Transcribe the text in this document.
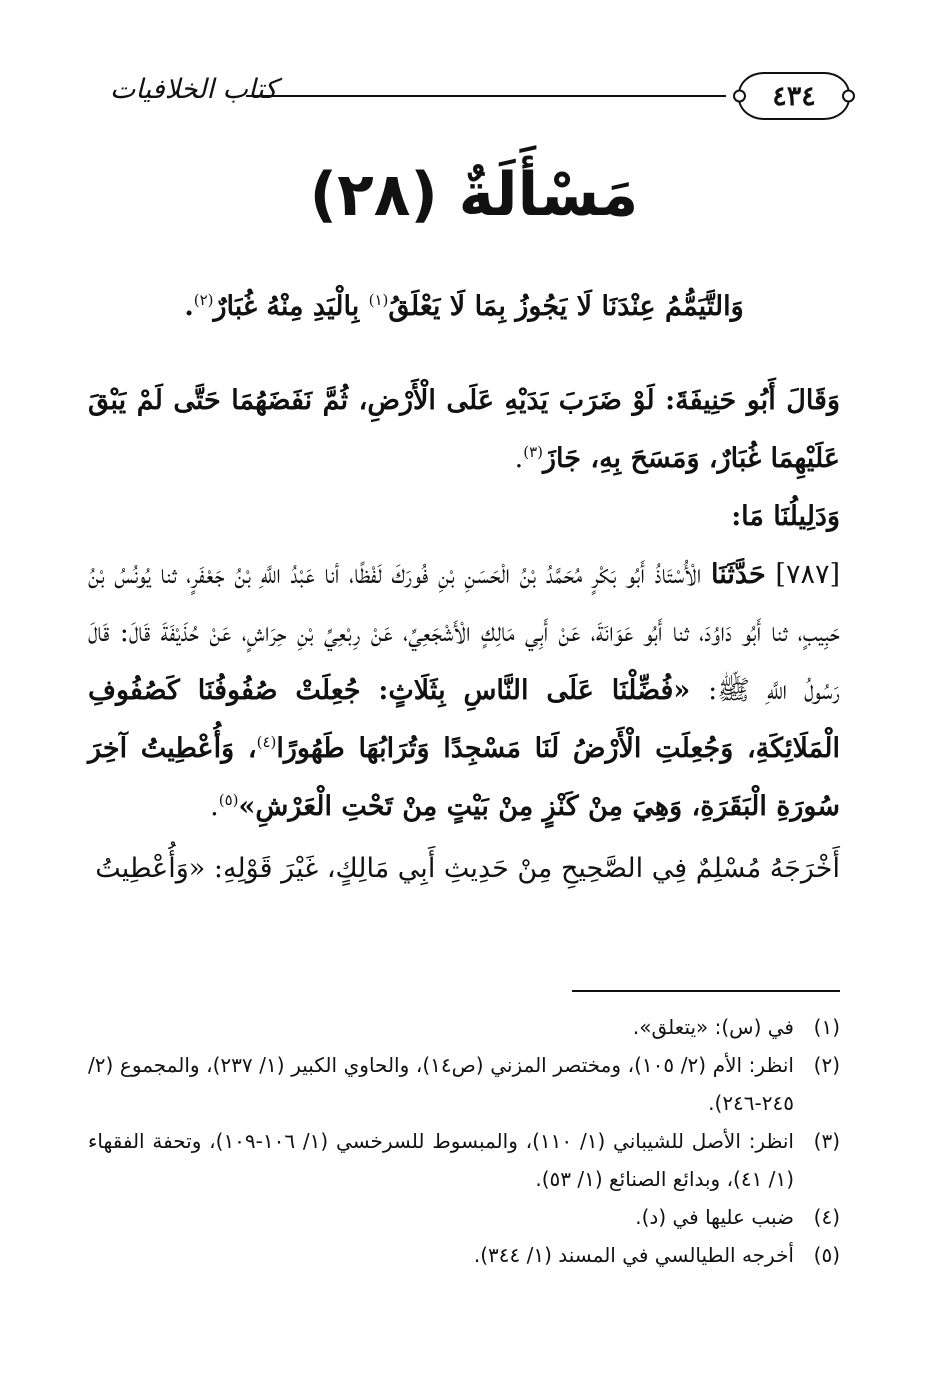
٤٣٤
كتاب الخلافيات
مَسْأَلَةٌ (٢٨)

وَالتَّيَمُّمُ عِنْدَنَا لَا يَجُوزُ بِمَا لَا يَعْلَقُ$^{(١)}$ بِالْيَدِ مِنْهُ غُبَارٌ$^{(٢)}$.

وَقَالَ أَبُو حَنِيفَةَ: لَوْ ضَرَبَ يَدَيْهِ عَلَى الْأَرْضِ، ثُمَّ نَفَضَهُمَا حَتَّى لَمْ يَبْقَ عَلَيْهِمَا غُبَارٌ، وَمَسَحَ بِهِ، جَازَ$^{(٣)}$.

وَدَلِيلُنَا مَا:

[٧٨٧] حَدَّثَنَا الْأُسْتَاذُ أَبُو بَكْرٍ مُحَمَّدُ بْنُ الْحَسَنِ بْنِ فُورَكَ لَفْظًا، أنا عَبْدُ اللَّهِ بْنُ جَعْفَرٍ، ثنا يُونُسُ بْنُ حَبِيبٍ، ثنا أَبُو دَاوُدَ، ثنا أَبُو عَوَانَةَ، عَنْ أَبِي مَالِكٍ الْأَشْجَعِيِّ، عَنْ رِبْعِيِّ بْنِ حِرَاشٍ، عَنْ حُذَيْفَةَ قَالَ: قَالَ رَسُولُ اللَّهِ ﷺ: «فُضِّلْنَا عَلَى النَّاسِ بِثَلَاثٍ: جُعِلَتْ صُفُوفُنَا كَصُفُوفِ الْمَلَائِكَةِ، وَجُعِلَتِ الْأَرْضُ لَنَا مَسْجِدًا وَتُرَابُهَا طَهُورًا$^{(٤)}$، وَأُعْطِيتُ آخِرَ سُورَةِ الْبَقَرَةِ، وَهِيَ مِنْ كَنْزٍ مِنْ بَيْتٍ مِنْ تَحْتِ الْعَرْشِ»$^{(٥)}$.

أَخْرَجَهُ مُسْلِمٌ فِي الصَّحِيحِ مِنْ حَدِيثِ أَبِي مَالِكٍ، غَيْرَ قَوْلِهِ: «وَأُعْطِيتُ

(١)
في (س): «يتعلق».
(٢)
انظر: الأم (٢/ ١٠٥)، ومختصر المزني (ص١٤)، والحاوي الكبير (١/ ٢٣٧)، والمجموع (٢/ ٢٤٥-٢٤٦).
(٣)
انظر: الأصل للشيباني (١/ ١١٠)، والمبسوط للسرخسي (١/ ١٠٦-١٠٩)، وتحفة الفقهاء (١/ ٤١)، وبدائع الصنائع (١/ ٥٣).
(٤)
ضبب عليها في (د).
(٥)
أخرجه الطيالسي في المسند (١/ ٣٤٤).
